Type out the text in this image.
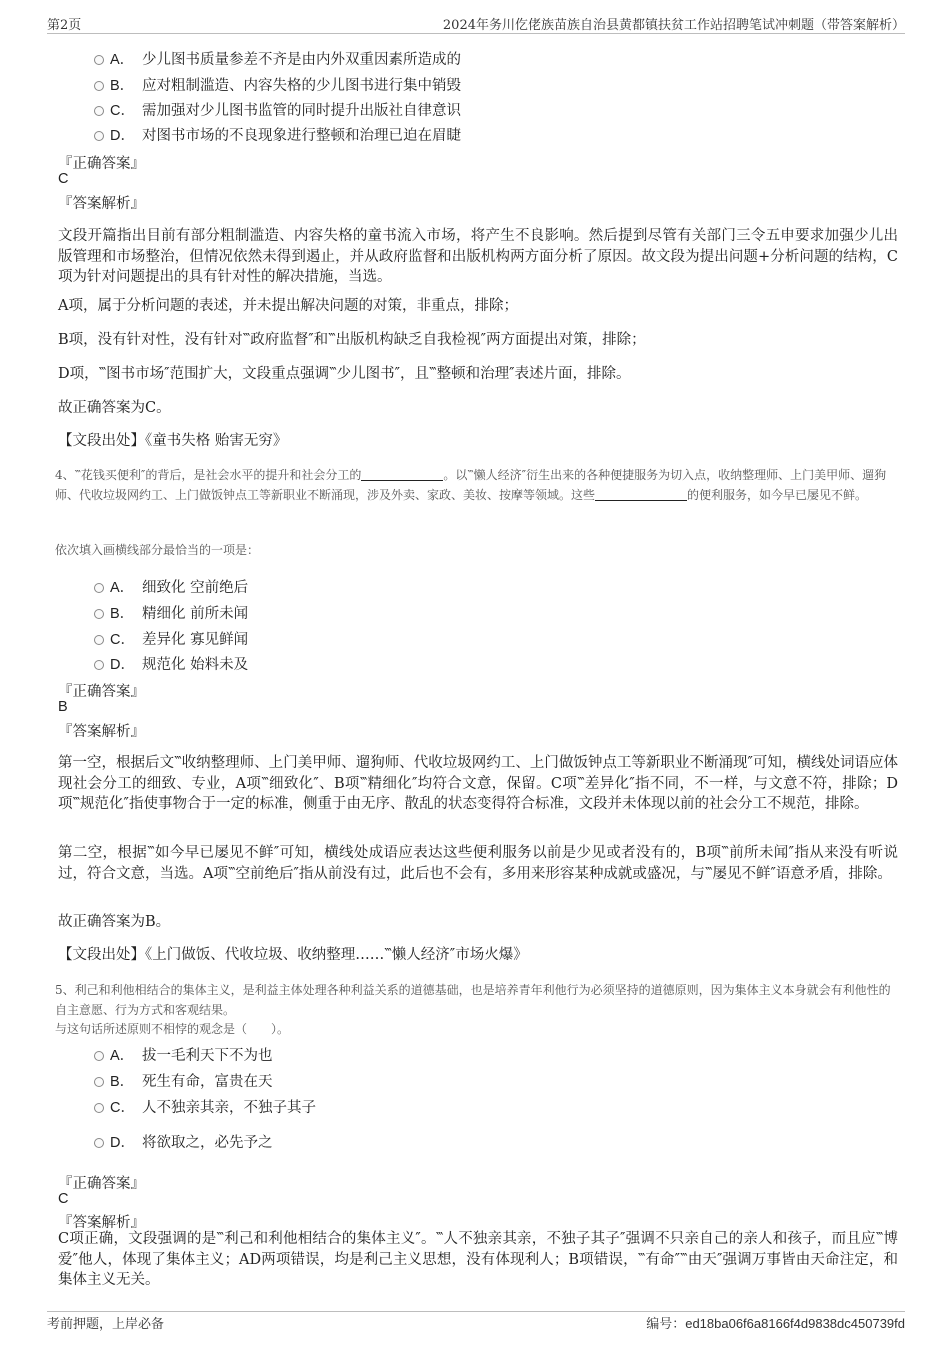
第2页	2024年务川仡佬族苗族自治县黄都镇扶贫工作站招聘笔试冲刺题（带答案解析）
A． 少儿图书质量参差不齐是由内外双重因素所造成的
B． 应对粗制滥造、内容失格的少儿图书进行集中销毁
C． 需加强对少儿图书监管的同时提升出版社自律意识
D． 对图书市场的不良现象进行整顿和治理已迫在眉睫
『正确答案』
C
『答案解析』
文段开篇指出目前有部分粗制滥造、内容失格的童书流入市场，将产生不良影响。然后提到尽管有关部门三令五申要求加强少儿出版管理和市场整治，但情况依然未得到遏止，并从政府监督和出版机构两方面分析了原因。故文段为提出问题+分析问题的结构，C项为针对问题提出的具有针对性的解决措施，当选。
A项，属于分析问题的表述，并未提出解决问题的对策，非重点，排除；
B项，没有针对性，没有针对‷政府监督″和‷出版机构缺乏自我检视″两方面提出对策，排除；
D项，‷图书市场″范围扩大，文段重点强调‷少儿图书″，且‷整顿和治理″表述片面，排除。
故正确答案为C。
【文段出处】《童书失格 贻害无穷》
4、‷花钱买便利″的背后，是社会水平的提升和社会分工的	。以‷懒人经济″衍生出来的各种便捷服务为切入点，收纳整理师、上门美甲师、遛狗师、代收垃圾网约工、上门做饭钟点工等新职业不断涌现，涉及外卖、家政、美妆、按摩等领域。这些	的便利服务，如今早已屡见不鲜。
依次填入画横线部分最恰当的一项是：
A． 细致化 空前绝后
B． 精细化 前所未闻
C． 差异化 寡见鲜闻
D． 规范化 始料未及
『正确答案』
B
『答案解析』
第一空，根据后文‷收纳整理师、上门美甲师、遛狗师、代收垃圾网约工、上门做饭钟点工等新职业不断涌现″可知，横线处词语应体现社会分工的细致、专业，A项‷细致化″、B项‷精细化″均符合文意，保留。C项‷差异化″指不同，不一样，与文意不符，排除；D项‷规范化″指使事物合于一定的标准，侧重于由无序、散乱的状态变得符合标准，文段并未体现以前的社会分工不规范，排除。
第二空，根据‷如今早已屡见不鲜″可知，横线处成语应表达这些便利服务以前是少见或者没有的，B项‷前所未闻″指从来没有听说过，符合文意，当选。A项‷空前绝后″指从前没有过，此后也不会有，多用来形容某种成就或盛况，与‷屡见不鲜″语意矛盾，排除。
故正确答案为B。
【文段出处】《上门做饭、代收垃圾、收纳整理……‷懒人经济″市场火爆》
5、利己和利他相结合的集体主义，是利益主体处理各种利益关系的道德基础，也是培养青年利他行为必须坚持的道德原则，因为集体主义本身就会有利他性的自主意愿、行为方式和客观结果。
与这句话所述原则不相悖的观念是（　　）。
A． 拔一毛利天下不为也
B． 死生有命，富贵在天
C． 人不独亲其亲，不独子其子
D． 将欲取之，必先予之
『正确答案』
C
『答案解析』
C项正确，文段强调的是‷利己和利他相结合的集体主义″。‷人不独亲其亲，不独子其子″强调不只亲自己的亲人和孩子，而且应‷博爱″他人，体现了集体主义；AD两项错误，均是利己主义思想，没有体现利人；B项错误，‷有命″‷由天″强调万事皆由天命注定，和集体主义无关。
考前押题，上岸必备	编号：ed18ba06f6a8166f4d9838dc450739fd
